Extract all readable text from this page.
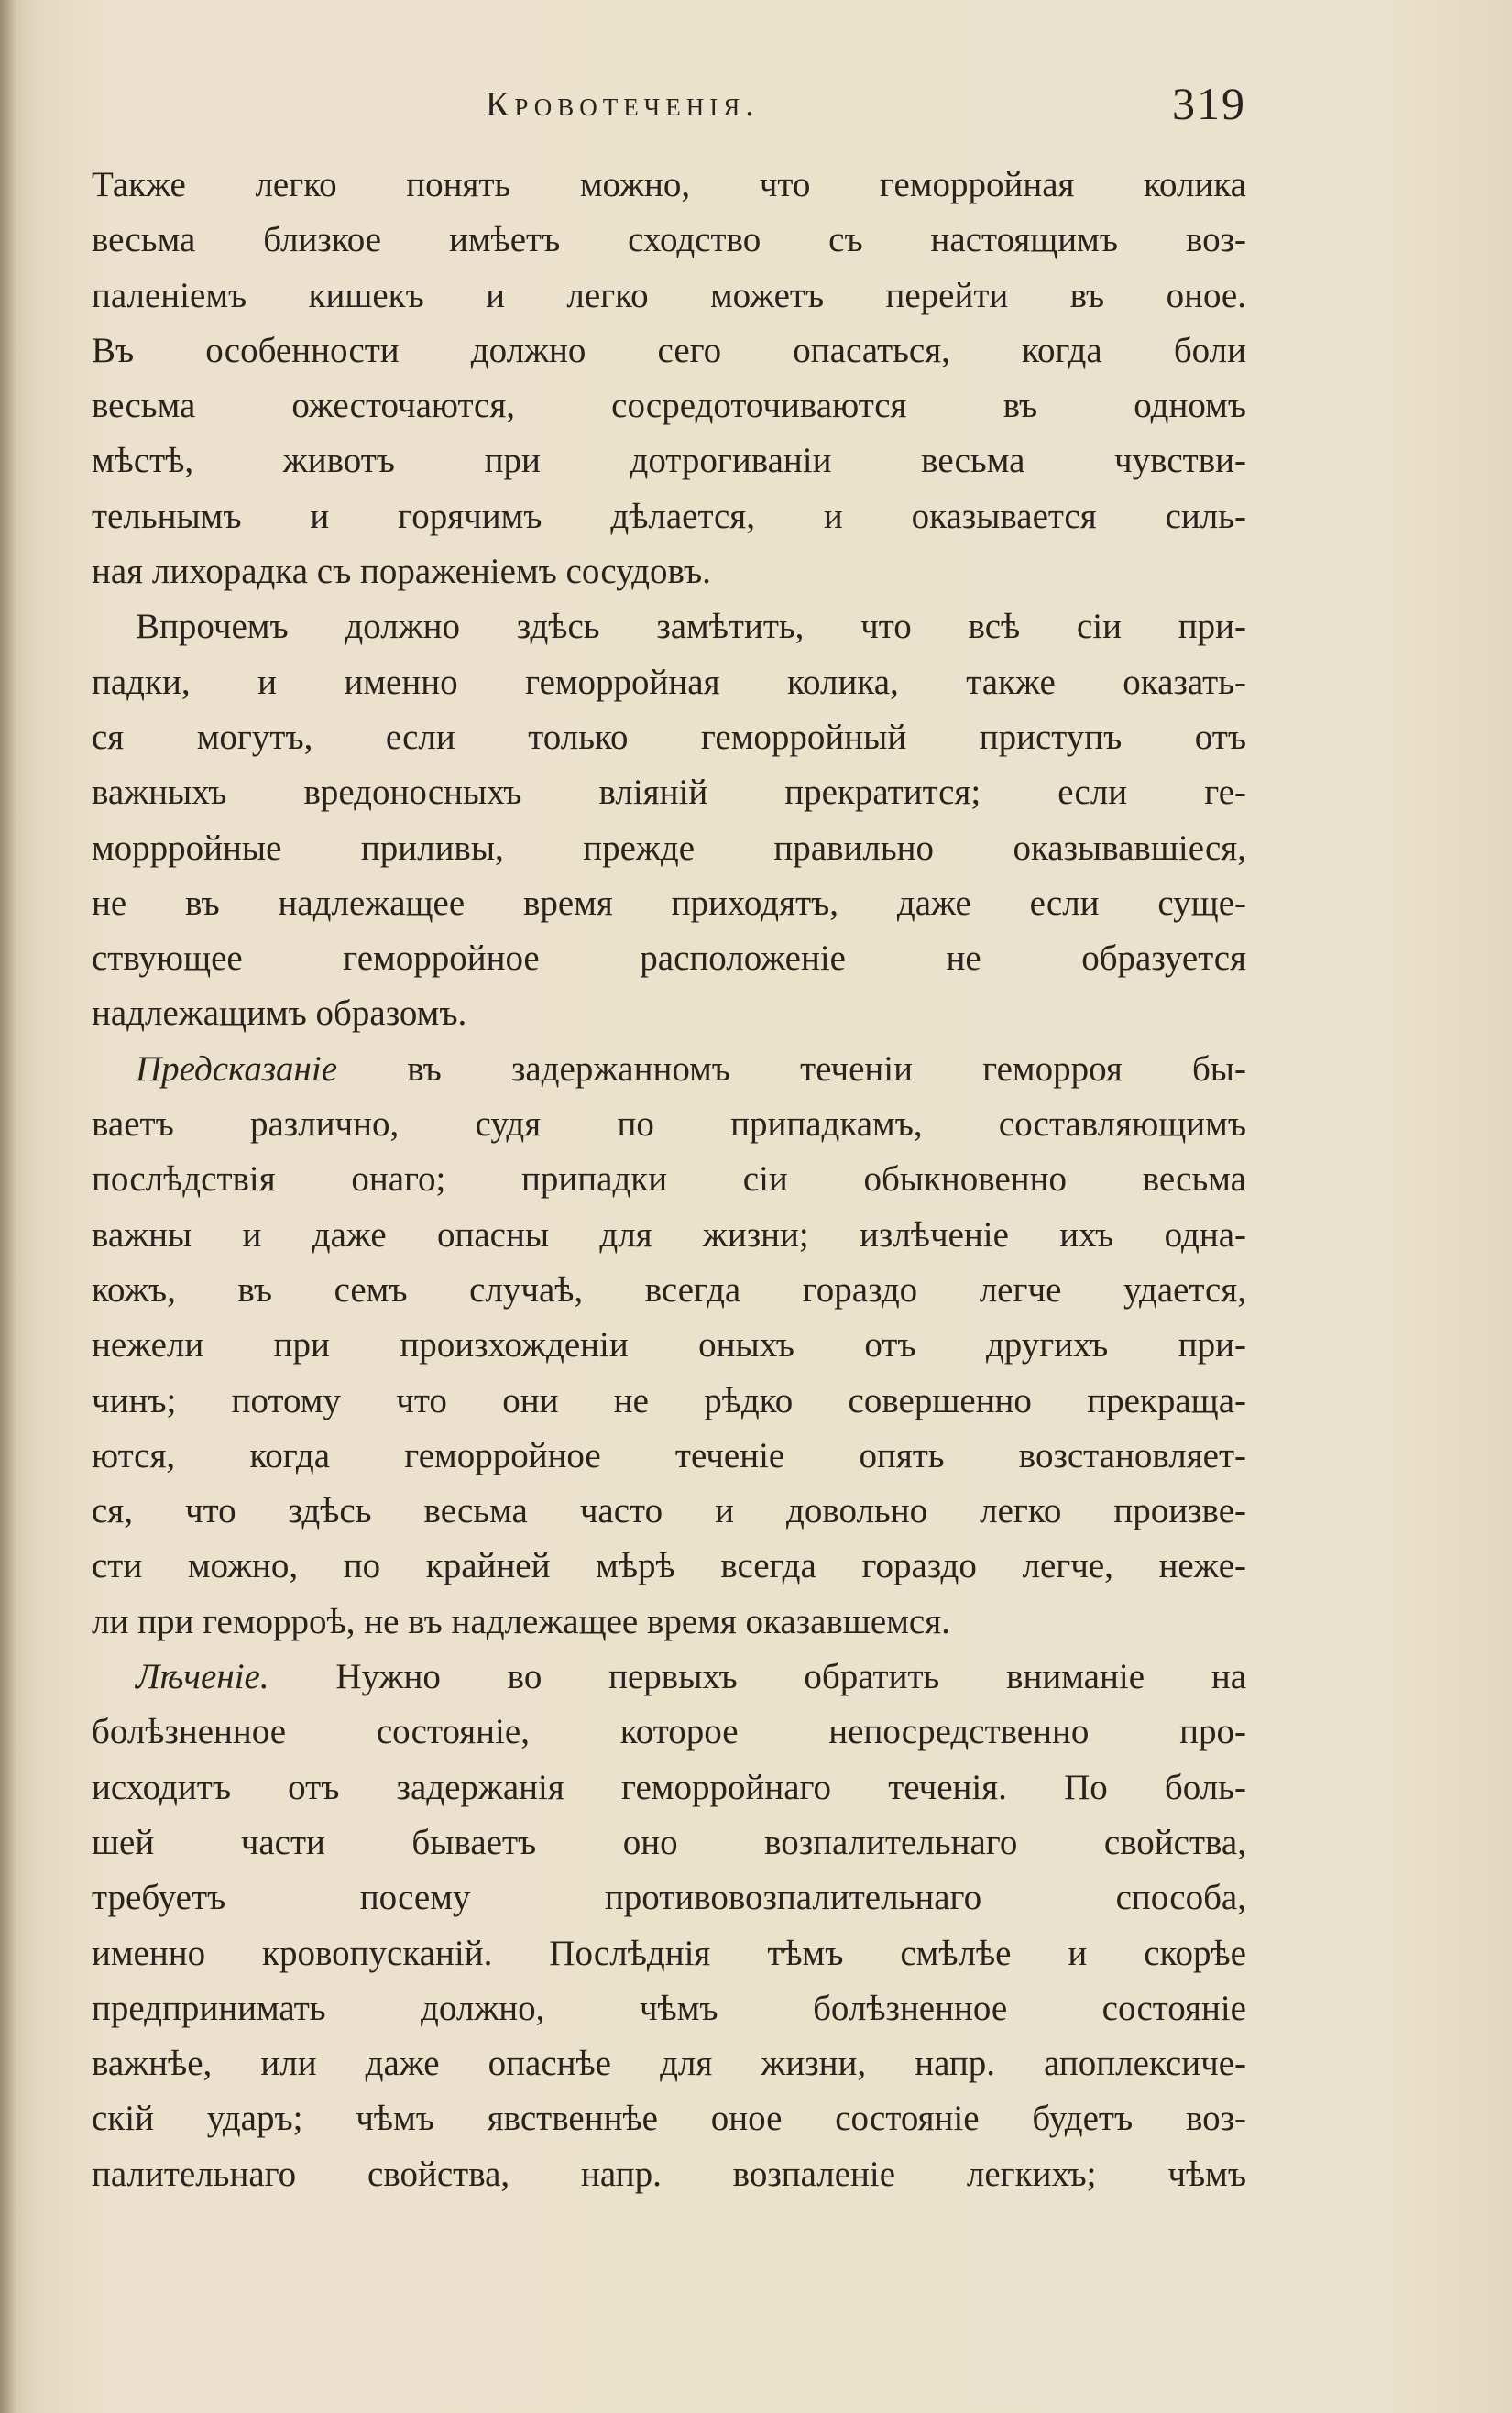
Кровотеченія.	319
Также легко понять можно, что геморройная колика
весьма близкое имѣетъ сходство съ настоящимъ воз-
паленіемъ кишекъ и легко можетъ перейти въ оное.
Въ особенности должно сего опасаться, когда боли
весьма ожесточаются, сосредоточиваются въ одномъ
мѣстѣ, животъ при дотрогиваніи весьма чувстви-
тельнымъ и горячимъ дѣлается, и оказывается силь-
ная лихорадка съ пораженіемъ сосудовъ.
Впрочемъ должно здѣсь замѣтить, что всѣ сіи при-
падки, и именно геморройная колика, также оказать-
ся могутъ, если только геморройный приступъ отъ
важныхъ вредоносныхъ вліяній прекратится; если ге-
моррройные приливы, прежде правильно оказывавшіеся,
не въ надлежащее время приходятъ, даже если суще-
ствующее геморройное расположеніе не образуется
надлежащимъ образомъ.
Предсказаніе въ задержанномъ теченіи геморроя бы-
ваетъ различно, судя по припадкамъ, составляющимъ
послѣдствія онаго; припадки сіи обыкновенно весьма
важны и даже опасны для жизни; излѣченіе ихъ одна-
кожъ, въ семъ случаѣ, всегда гораздо легче удается,
нежели при произхожденіи оныхъ отъ другихъ при-
чинъ; потому что они не рѣдко совершенно прекраща-
ются, когда геморройное теченіе опять возстановляет-
ся, что здѣсь весьма часто и довольно легко произве-
сти можно, по крайней мѣрѣ всегда гораздо легче, нежe-
ли при геморроѣ, не въ надлежащее время оказавшемся.
Лѣченіе. Нужно во первыхъ обратить вниманіе на
болѣзненное состояніе, которое непосредственно про-
исходитъ отъ задержанія геморройнаго теченія. По боль-
шей части бываетъ оно возпалительнаго свойства,
требуетъ посему противовозпалительнаго способа,
именно кровопусканій. Послѣднія тѣмъ смѣлѣе и скорѣе
предпринимать должно, чѣмъ болѣзненное состояніе
важнѣе, или даже опаснѣе для жизни, напр. апоплексиче-
скій ударъ; чѣмъ явственнѣе оное состояніе будетъ воз-
палительнаго свойства, напр. возпаленіе легкихъ; чѣмъ
